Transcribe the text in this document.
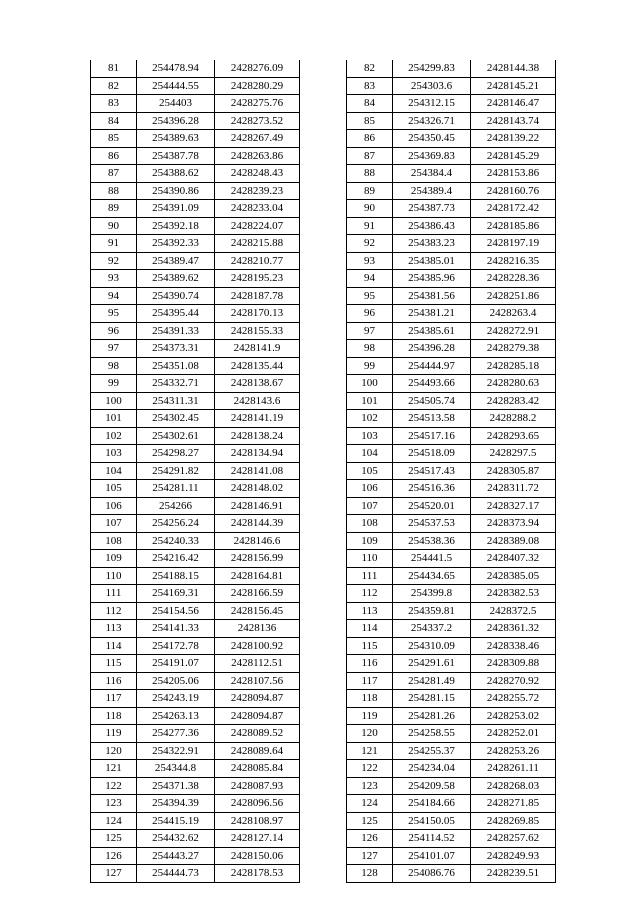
81	254478.94	2428276.09
82	254444.55	2428280.29
83	254403	2428275.76
84	254396.28	2428273.52
85	254389.63	2428267.49
86	254387.78	2428263.86
87	254388.62	2428248.43
88	254390.86	2428239.23
89	254391.09	2428233.04
90	254392.18	2428224.07
91	254392.33	2428215.88
92	254389.47	2428210.77
93	254389.62	2428195.23
94	254390.74	2428187.78
95	254395.44	2428170.13
96	254391.33	2428155.33
97	254373.31	2428141.9
98	254351.08	2428135.44
99	254332.71	2428138.67
100	254311.31	2428143.6
101	254302.45	2428141.19
102	254302.61	2428138.24
103	254298.27	2428134.94
104	254291.82	2428141.08
105	254281.11	2428148.02
106	254266	2428146.91
107	254256.24	2428144.39
108	254240.33	2428146.6
109	254216.42	2428156.99
110	254188.15	2428164.81
111	254169.31	2428166.59
112	254154.56	2428156.45
113	254141.33	2428136
114	254172.78	2428100.92
115	254191.07	2428112.51
116	254205.06	2428107.56
117	254243.19	2428094.87
118	254263.13	2428094.87
119	254277.36	2428089.52
120	254322.91	2428089.64
121	254344.8	2428085.84
122	254371.38	2428087.93
123	254394.39	2428096.56
124	254415.19	2428108.97
125	254432.62	2428127.14
126	254443.27	2428150.06
127	254444.73	2428178.53
82	254299.83	2428144.38
83	254303.6	2428145.21
84	254312.15	2428146.47
85	254326.71	2428143.74
86	254350.45	2428139.22
87	254369.83	2428145.29
88	254384.4	2428153.86
89	254389.4	2428160.76
90	254387.73	2428172.42
91	254386.43	2428185.86
92	254383.23	2428197.19
93	254385.01	2428216.35
94	254385.96	2428228.36
95	254381.56	2428251.86
96	254381.21	2428263.4
97	254385.61	2428272.91
98	254396.28	2428279.38
99	254444.97	2428285.18
100	254493.66	2428280.63
101	254505.74	2428283.42
102	254513.58	2428288.2
103	254517.16	2428293.65
104	254518.09	2428297.5
105	254517.43	2428305.87
106	254516.36	2428311.72
107	254520.01	2428327.17
108	254537.53	2428373.94
109	254538.36	2428389.08
110	254441.5	2428407.32
111	254434.65	2428385.05
112	254399.8	2428382.53
113	254359.81	2428372.5
114	254337.2	2428361.32
115	254310.09	2428338.46
116	254291.61	2428309.88
117	254281.49	2428270.92
118	254281.15	2428255.72
119	254281.26	2428253.02
120	254258.55	2428252.01
121	254255.37	2428253.26
122	254234.04	2428261.11
123	254209.58	2428268.03
124	254184.66	2428271.85
125	254150.05	2428269.85
126	254114.52	2428257.62
127	254101.07	2428249.93
128	254086.76	2428239.51
